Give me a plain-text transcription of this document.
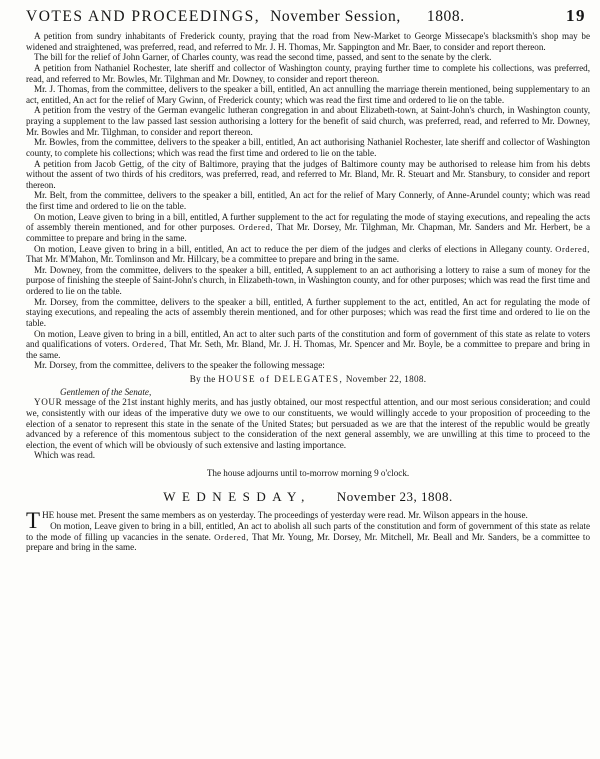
VOTES AND PROCEEDINGS, November Session, 1808.	19

A petition from sundry inhabitants of Frederick county, praying that the road from New-Market to George Missecape's blacksmith's shop may be widened and straightened, was preferred, read, and referred to Mr. J. H. Thomas, Mr. Sappington and Mr. Baer, to consider and report thereon.

The bill for the relief of John Garner, of Charles county, was read the second time, passed, and sent to the senate by the clerk.

A petition from Nathaniel Rochester, late sheriff and collector of Washington county, praying further time to complete his collections, was preferred, read, and referred to Mr. Bowles, Mr. Tilghman and Mr. Downey, to consider and report thereon.

Mr. J. Thomas, from the committee, delivers to the speaker a bill, entitled, An act annulling the marriage therein mentioned, being supplementary to an act, entitled, An act for the relief of Mary Gwinn, of Frederick county; which was read the first time and ordered to lie on the table.

A petition from the vestry of the German evangelic lutheran congregation in and about Elizabeth-town, at Saint-John's church, in Washington county, praying a supplement to the law passed last session authorising a lottery for the benefit of said church, was preferred, read, and referred to Mr. Downey, Mr. Bowles and Mr. Tilghman, to consider and report thereon.

Mr. Bowles, from the committee, delivers to the speaker a bill, entitled, An act authorising Nathaniel Rochester, late sheriff and collector of Washington county, to complete his collections; which was read the first time and ordered to lie on the table.

A petition from Jacob Gettig, of the city of Baltimore, praying that the judges of Baltimore county may be authorised to release him from his debts without the assent of two thirds of his creditors, was preferred, read, and referred to Mr. Bland, Mr. R. Steuart and Mr. Stansbury, to consider and report thereon.

Mr. Belt, from the committee, delivers to the speaker a bill, entitled, An act for the relief of Mary Connerly, of Anne-Arundel county; which was read the first time and ordered to lie on the table.

On motion, Leave given to bring in a bill, entitled, A further supplement to the act for regulating the mode of staying executions, and repealing the acts of assembly therein mentioned, and for other purposes. Ordered, That Mr. Dorsey, Mr. Tilghman, Mr. Chapman, Mr. Sanders and Mr. Herbert, be a committee to prepare and bring in the same.

On motion, Leave given to bring in a bill, entitled, An act to reduce the per diem of the judges and clerks of elections in Allegany county. Ordered, That Mr. M'Mahon, Mr. Tomlinson and Mr. Hillcary, be a committee to prepare and bring in the same.

Mr. Downey, from the committee, delivers to the speaker a bill, entitled, A supplement to an act authorising a lottery to raise a sum of money for the purpose of finishing the steeple of Saint-John's church, in Elizabeth-town, in Washington county, and for other purposes; which was read the first time and ordered to lie on the table.

Mr. Dorsey, from the committee, delivers to the speaker a bill, entitled, A further supplement to the act, entitled, An act for regulating the mode of staying executions, and repealing the acts of assembly therein mentioned, and for other purposes; which was read the first time and ordered to lie on the table.

On motion, Leave given to bring in a bill, entitled, An act to alter such parts of the constitution and form of government of this state as relate to voters and qualifications of voters. Ordered, That Mr. Seth, Mr. Bland, Mr. J. H. Thomas, Mr. Spencer and Mr. Boyle, be a committee to prepare and bring in the same.

Mr. Dorsey, from the committee, delivers to the speaker the following message:

By the HOUSE of DELEGATES, November 22, 1808.

Gentlemen of the Senate,

YOUR message of the 21st instant highly merits, and has justly obtained, our most respectful attention, and our most serious consideration; and could we, consistently with our ideas of the imperative duty we owe to our constituents, we would willingly accede to your proposition of proceeding to the election of a senator to represent this state in the senate of the United States; but persuaded as we are that the interest of the republic would be greatly advanced by a reference of this momentous subject to the consideration of the next general assembly, we are unwilling at this time to proceed to the election, the event of which will be obviously of such extensive and lasting importance.

Which was read.

The house adjourns until to-morrow morning 9 o'clock.

WEDNESDAY, November 23, 1808.

THE house met. Present the same members as on yesterday. The proceedings of yesterday were read. Mr. Wilson appears in the house.

On motion, Leave given to bring in a bill, entitled, An act to abolish all such parts of the constitution and form of government of this state as relate to the mode of filling up vacancies in the senate. Ordered, That Mr. Young, Mr. Dorsey, Mr. Mitchell, Mr. Beall and Mr. Sanders, be a committee to prepare and bring in the same.
